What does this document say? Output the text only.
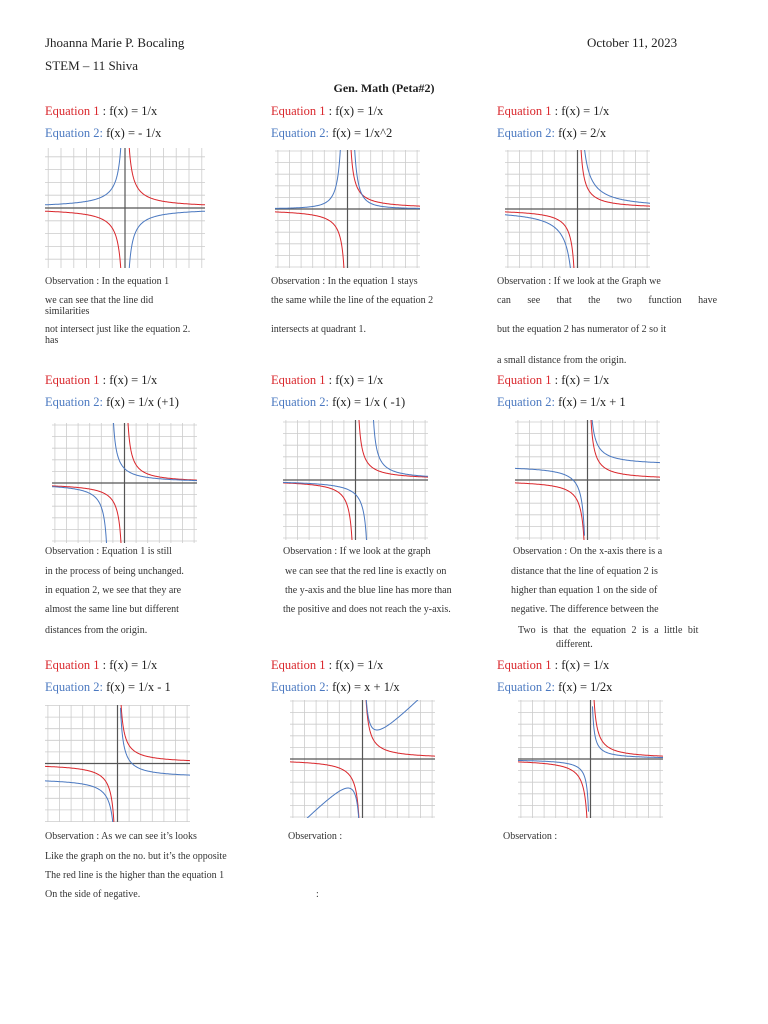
Jhoanna Marie P. Bocaling	October 11, 2023
STEM – 11 Shiva
Gen. Math (Peta#2)
Equation 1 : f(x) = 1/x
Equation 2: f(x) = - 1/x
Observation : In the equation 1
we can see that the line did
similarities
not intersect just like the equation 2.
has
Equation 1 : f(x) = 1/x
Equation 2: f(x) = 1/x^2
Observation : In the equation 1 stays
the same while the line of the equation 2
intersects at quadrant 1.
Equation 1 : f(x) = 1/x
Equation 2: f(x) = 2/x
Observation : If we look at the Graph we
can see that the two function have
but the equation 2 has numerator of 2 so it
a small distance from the origin.
Equation 1 : f(x) = 1/x
Equation 2: f(x) = 1/x (+1)
Observation : Equation 1 is still
in the process of being unchanged.
in equation 2, we see that they are
almost the same line but different
distances from the origin.
Equation 1 : f(x) = 1/x
Equation 2: f(x) = 1/x ( -1)
Observation : If we look at the graph
we can see that the red line is exactly on
the y-axis and the blue line has more than
the positive and does not reach the y-axis.
Equation 1 : f(x) = 1/x
Equation 2: f(x) = 1/x + 1
Observation : On the x-axis there is a
distance that the line of equation 2 is
higher than equation 1 on the side of
negative. The difference between the
Two is that the equation 2 is a little bit
different.
Equation 1 : f(x) = 1/x
Equation 2: f(x) = 1/x - 1
Observation : As we can see it’s looks
Like the graph on the no. but it’s the opposite
The red line is the higher than the equation 1
On the side of negative.	:
Equation 1 : f(x) = 1/x
Equation 2: f(x) = x + 1/x
Observation :
Equation 1 : f(x) = 1/x
Equation 2: f(x) = 1/2x
Observation :
